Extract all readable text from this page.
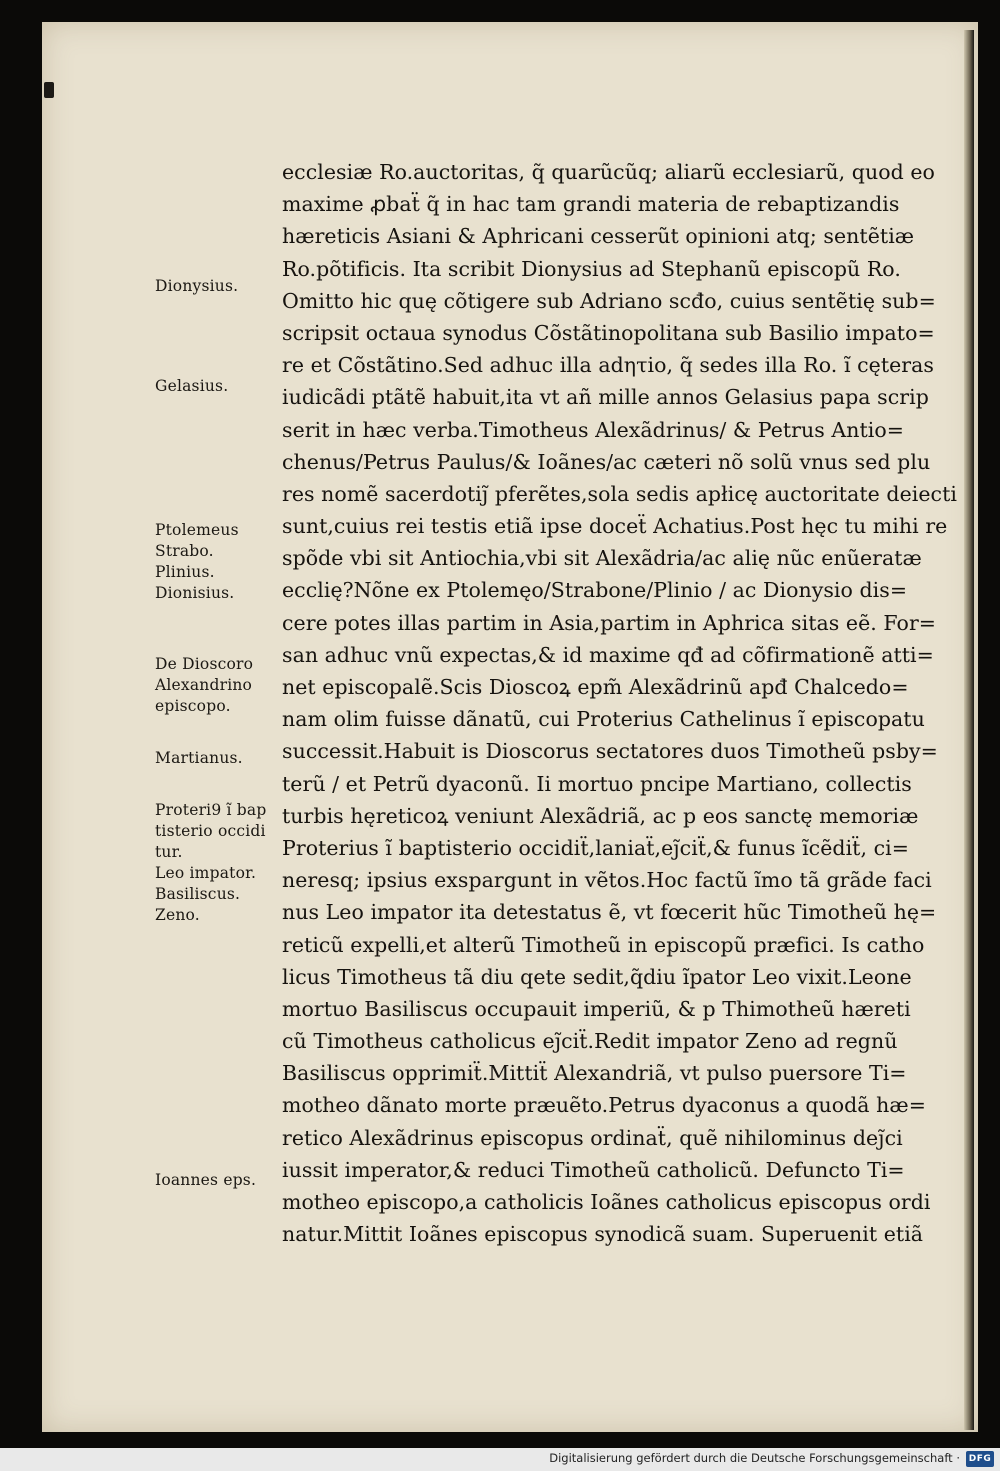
Dionysius.
Gelasius.
Ptolemeus
Strabo.
Plinius.
Dionisius.
De Dioscoro
Alexandrino
episcopo.
Martianus.
Proteri9 ĩ bap
tisterio occidi
tur.
Leo impator.
Basiliscus.
Zeno.
Ioannes eps.
ecclesiæ Ro.auctoritas, q̃ quarũcũq; aliarũ ecclesiarũ, quod eo
maxime ꝓbaẗ q̃ in hac tam grandi materia de rebaptizandis
hæreticis Asiani & Aphricani cesserũt opinioni atq; sentẽtiæ
Ro.põtificis. Ita scribit Dionysius ad Stephanũ episcopũ Ro.
Omitto hic quę cõtigere sub Adriano scđo, cuius sentẽtię sub=
scripsit octaua synodus Cõstãtinopolitana sub Basilio impato=
re et Cõstãtino.Sed adhuc illa adητio, q̃ sedes illa Ro. ĩ cęteras
iudicãdi ptãtẽ habuit,ita vt añ mille annos Gelasius papa scrip
serit in hæc verba.Timotheus Alexãdrinus/ & Petrus Antio=
chenus/Petrus Paulus/& Ioãnes/ac cæteri nõ solũ vnus sed plu
res nomẽ sacerdotiȷ̃ pferẽtes,sola sedis apłicę auctoritate deiecti
sunt,cuius rei testis etiã ipse doceẗ Achatius.Post hęc tu mihi re
spõde vbi sit Antiochia,vbi sit Alexãdria/ac alię nũc enũeratæ
ecclię?Nõne ex Ptolemęo/Strabone/Plinio / ac Dionysio dis=
cere potes illas partim in Asia,partim in Aphrica sitas eẽ. For=
san adhuc vnũ expectas,& id maxime qđ ad cõfirmationẽ atti=
net episcopalẽ.Scis Dioscoꝝ epm̃ Alexãdrinũ apđ Chalcedo=
nam olim fuisse dãnatũ, cui Proterius Cathelinus ĩ episcopatu
successit.Habuit is Dioscorus sectatores duos Timotheũ psby=
terũ / et Petrũ dyaconũ. Ii mortuo pncipe Martiano, collectis
turbis hęreticoꝝ veniunt Alexãdriã, ac p eos sanctę memoriæ
Proterius ĩ baptisterio occidiẗ,laniaẗ,eȷ̃ciẗ,& funus ĩcẽdiẗ, ci=
neresq; ipsius exspargunt in vẽtos.Hoc factũ ĩmo tã grãde faci
nus Leo impator ita detestatus ẽ, vt fœcerit hũc Timotheũ hę=
reticũ expelli,et alterũ Timotheũ in episcopũ præfici. Is catho
licus Timotheus tã diu qete sedit,q̃diu ĩpator Leo vixit.Leone
mortuo Basiliscus occupauit imperiũ, & p Thimotheũ hæreti
cũ Timotheus catholicus eȷ̃ciẗ.Redit impator Zeno ad regnũ
Basiliscus opprimiẗ.Mittiẗ Alexandriã, vt pulso puersore Ti=
motheo dãnato morte præuẽto.Petrus dyaconus a quodã hæ=
retico Alexãdrinus episcopus ordinaẗ, quẽ nihilominus deȷ̃ci
iussit imperator,& reduci Timotheũ catholicũ. Defuncto Ti=
motheo episcopo,a catholicis Ioãnes catholicus episcopus ordi
natur.Mittit Ioãnes episcopus synodicã suam. Superuenit etiã
Digitalisierung gefördert durch die Deutsche Forschungsgemeinschaft · DFG
